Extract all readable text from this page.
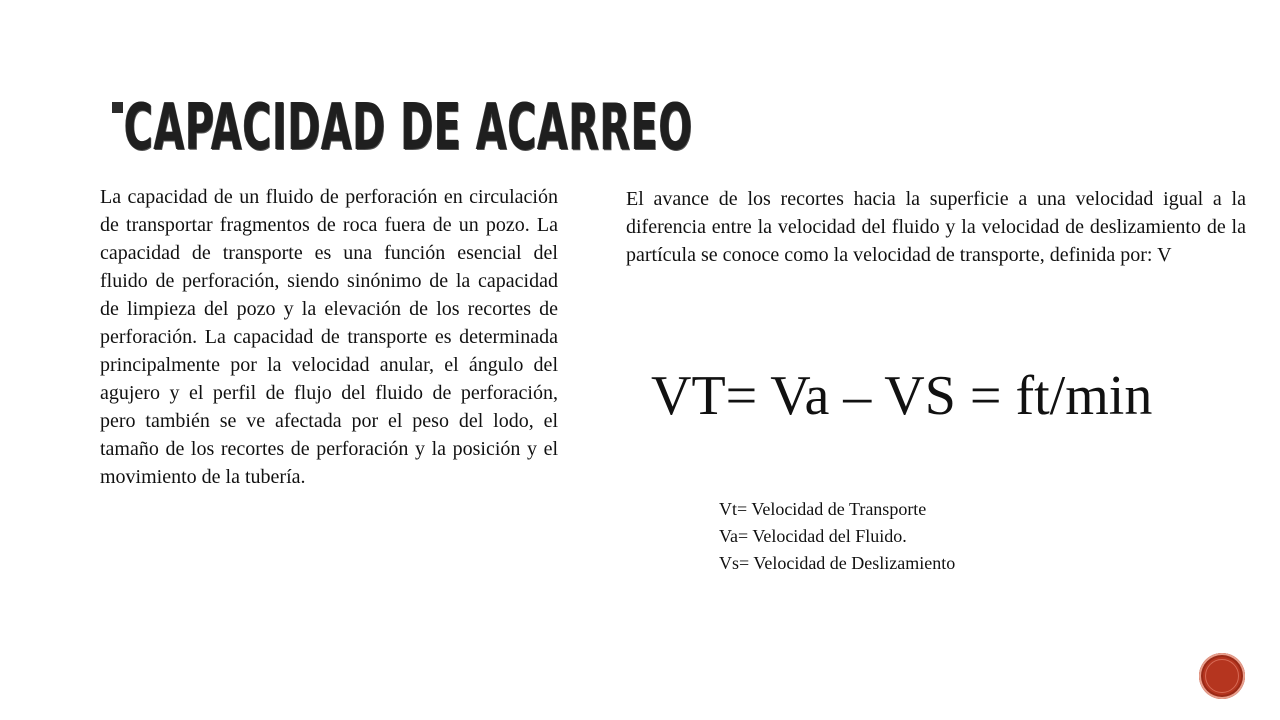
CAPACIDAD DE ACARREO

La capacidad de un fluido de perforación en circulación de transportar fragmentos de roca fuera de un pozo. La capacidad de transporte es una función esencial del fluido de perforación, siendo sinónimo de la capacidad de limpieza del pozo y la elevación de los recortes de perforación. La capacidad de transporte es determinada principalmente por la velocidad anular, el ángulo del agujero y el perfil de flujo del fluido de perforación, pero también se ve afectada por el peso del lodo, el tamaño de los recortes de perforación y la posición y el movimiento de la tubería.

El avance de los recortes hacia la superficie a una velocidad igual a la diferencia entre la velocidad del fluido y la velocidad de deslizamiento de la partícula se conoce como la velocidad de transporte, definida por: V

VT= Va – VS = ft/min

Vt= Velocidad de Transporte
Va= Velocidad del Fluido.
Vs= Velocidad de Deslizamiento
